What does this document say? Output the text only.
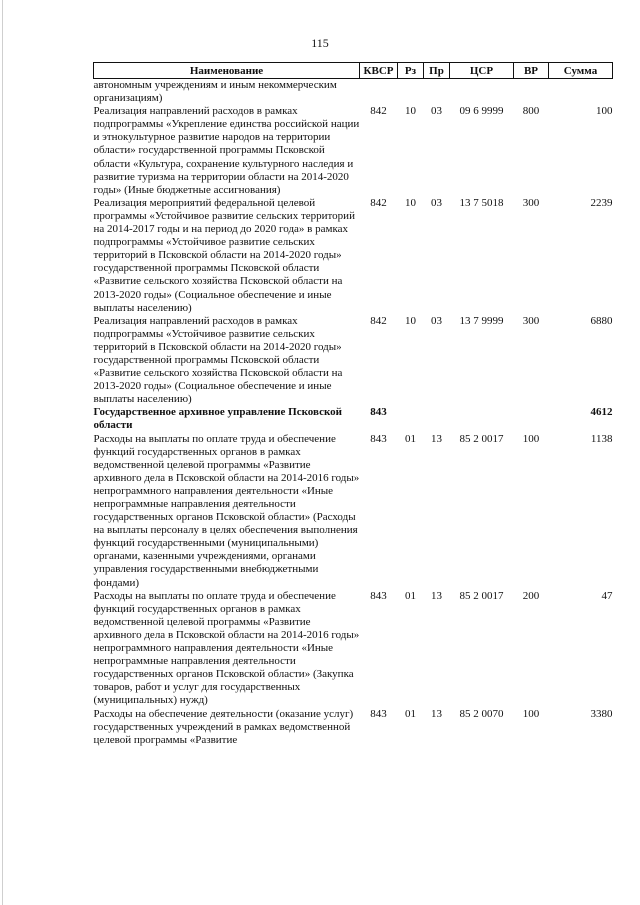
115
Наименование	КВСР	Рз	Пр	ЦСР	ВР	Сумма
автономным учреждениям и иным некоммерческим организациям)						
Реализация направлений расходов в рамках подпрограммы «Укрепление единства российской нации и этнокультурное развитие народов на территории области» государственной программы Псковской области «Культура, сохранение культурного наследия и развитие туризма на территории области на 2014-2020 годы» (Иные бюджетные ассигнования)	842	10	03	09 6 9999	800	100
Реализация мероприятий федеральной целевой программы «Устойчивое развитие сельских территорий на 2014-2017 годы и на период до 2020 года» в рамках подпрограммы «Устойчивое развитие сельских территорий в Псковской области на 2014-2020 годы» государственной программы Псковской области «Развитие сельского хозяйства Псковской области на 2013-2020 годы» (Социальное обеспечение и иные выплаты населению)	842	10	03	13 7 5018	300	2239
Реализация направлений расходов в рамках подпрограммы «Устойчивое развитие сельских территорий в Псковской области на 2014-2020 годы» государственной программы Псковской области «Развитие сельского хозяйства Псковской области на 2013-2020 годы» (Социальное обеспечение и иные выплаты населению)	842	10	03	13 7 9999	300	6880
Государственное архивное управление Псковской области	843					4612
Расходы на выплаты по оплате труда и обеспечение функций государственных органов в рамках ведомственной целевой программы «Развитие архивного дела в Псковской области на 2014-2016 годы» непрограммного направления деятельности «Иные непрограммные направления деятельности государственных органов Псковской области» (Расходы на выплаты персоналу в целях обеспечения выполнения функций государственными (муниципальными) органами, казенными учреждениями, органами управления государственными внебюджетными фондами)	843	01	13	85 2 0017	100	1138
Расходы на выплаты по оплате труда и обеспечение функций государственных органов в рамках ведомственной целевой программы «Развитие архивного дела в Псковской области на 2014-2016 годы» непрограммного направления деятельности «Иные непрограммные направления деятельности государственных органов Псковской области» (Закупка товаров, работ и услуг для государственных (муниципальных) нужд)	843	01	13	85 2 0017	200	47
Расходы на обеспечение деятельности (оказание услуг) государственных учреждений в рамках ведомственной целевой программы «Развитие	843	01	13	85 2 0070	100	3380
